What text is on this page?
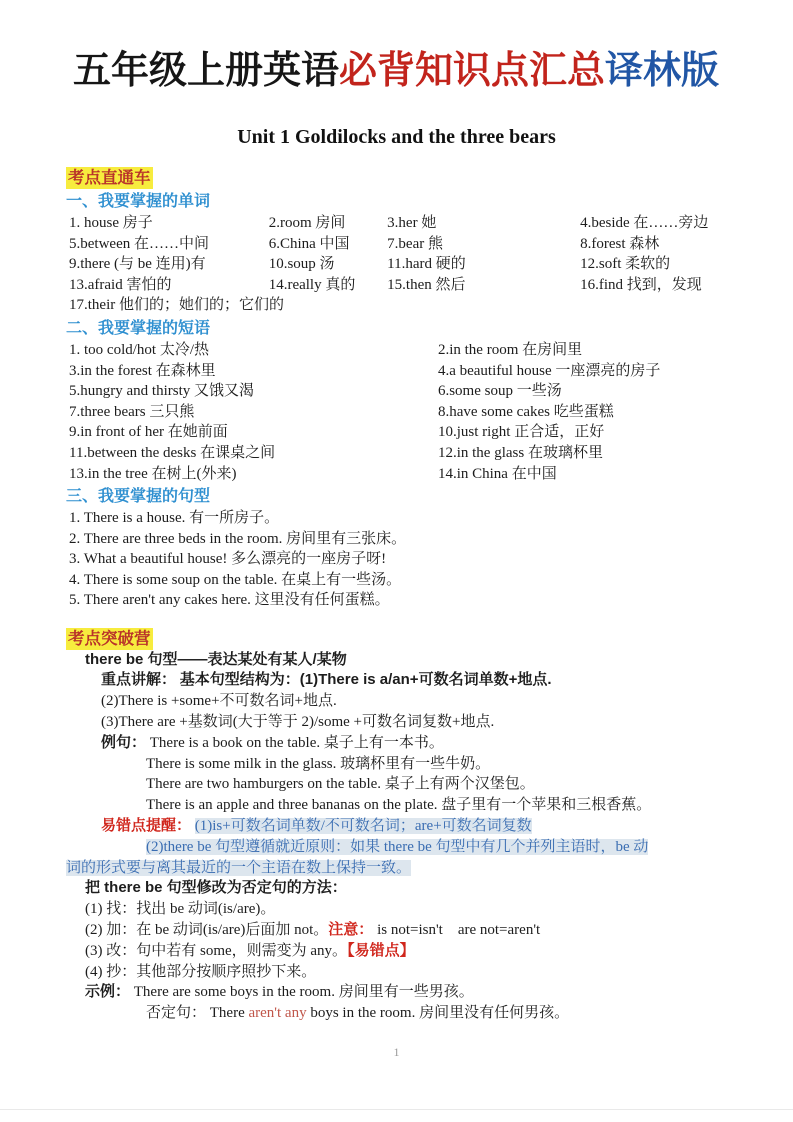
五年级上册英语必背知识点汇总译林版
Unit 1 Goldilocks and the three bears
考点直通车
一、我要掌握的单词
1. house 房子	2.room 房间	3.her 她	4.beside 在……旁边
5.between 在……中间	6.China 中国	7.bear 熊	8.forest 森林
9.there (与 be 连用)有	10.soup 汤	11.hard 硬的	12.soft 柔软的
13.afraid 害怕的	14.really 真的	15.then 然后	16.find 找到，发现
17.their 他们的；她们的；它们的
二、我要掌握的短语
1. too cold/hot 太冷/热	2.in the room 在房间里
3.in the forest 在森林里	4.a beautiful house 一座漂亮的房子
5.hungry and thirsty 又饿又渴	6.some soup 一些汤
7.three bears 三只熊	8.have some cakes 吃些蛋糕
9.in front of her 在她前面	10.just right 正合适，正好
11.between the desks 在课桌之间	12.in the glass 在玻璃杯里
13.in the tree 在树上(外来)	14.in China 在中国
三、我要掌握的句型
1. There is a house. 有一所房子。
2. There are three beds in the room. 房间里有三张床。
3. What a beautiful house! 多么漂亮的一座房子呀!
4. There is some soup on the table. 在桌上有一些汤。
5. There aren't any cakes here. 这里没有任何蛋糕。
考点突破营
there be 句型——表达某处有某人/某物
重点讲解： 基本句型结构为：(1)There is a/an+可数名词单数+地点.
(2)There is +some+不可数名词+地点.
(3)There are +基数词(大于等于 2)/some +可数名词复数+地点.
例句： There is a book on the table. 桌子上有一本书。
There is some milk in the glass. 玻璃杯里有一些牛奶。
There are two hamburgers on the table. 桌子上有两个汉堡包。
There is an apple and three bananas on the plate. 盘子里有一个苹果和三根香蕉。
易错点提醒： (1)is+可数名词单数/不可数名词；are+可数名词复数
(2)there be 句型遵循就近原则：如果 there be 句型中有几个并列主语时，be 动
词的形式要与离其最近的一个主语在数上保持一致。
把 there be 句型修改为否定句的方法：
(1) 找：找出 be 动词(is/are)。
(2) 加：在 be 动词(is/are)后面加 not。注意： is not=isn't　are not=aren't
(3) 改：句中若有 some，则需变为 any。【易错点】
(4) 抄：其他部分按顺序照抄下来。
示例： There are some boys in the room. 房间里有一些男孩。
否定句： There aren't any boys in the room. 房间里没有任何男孩。
1
